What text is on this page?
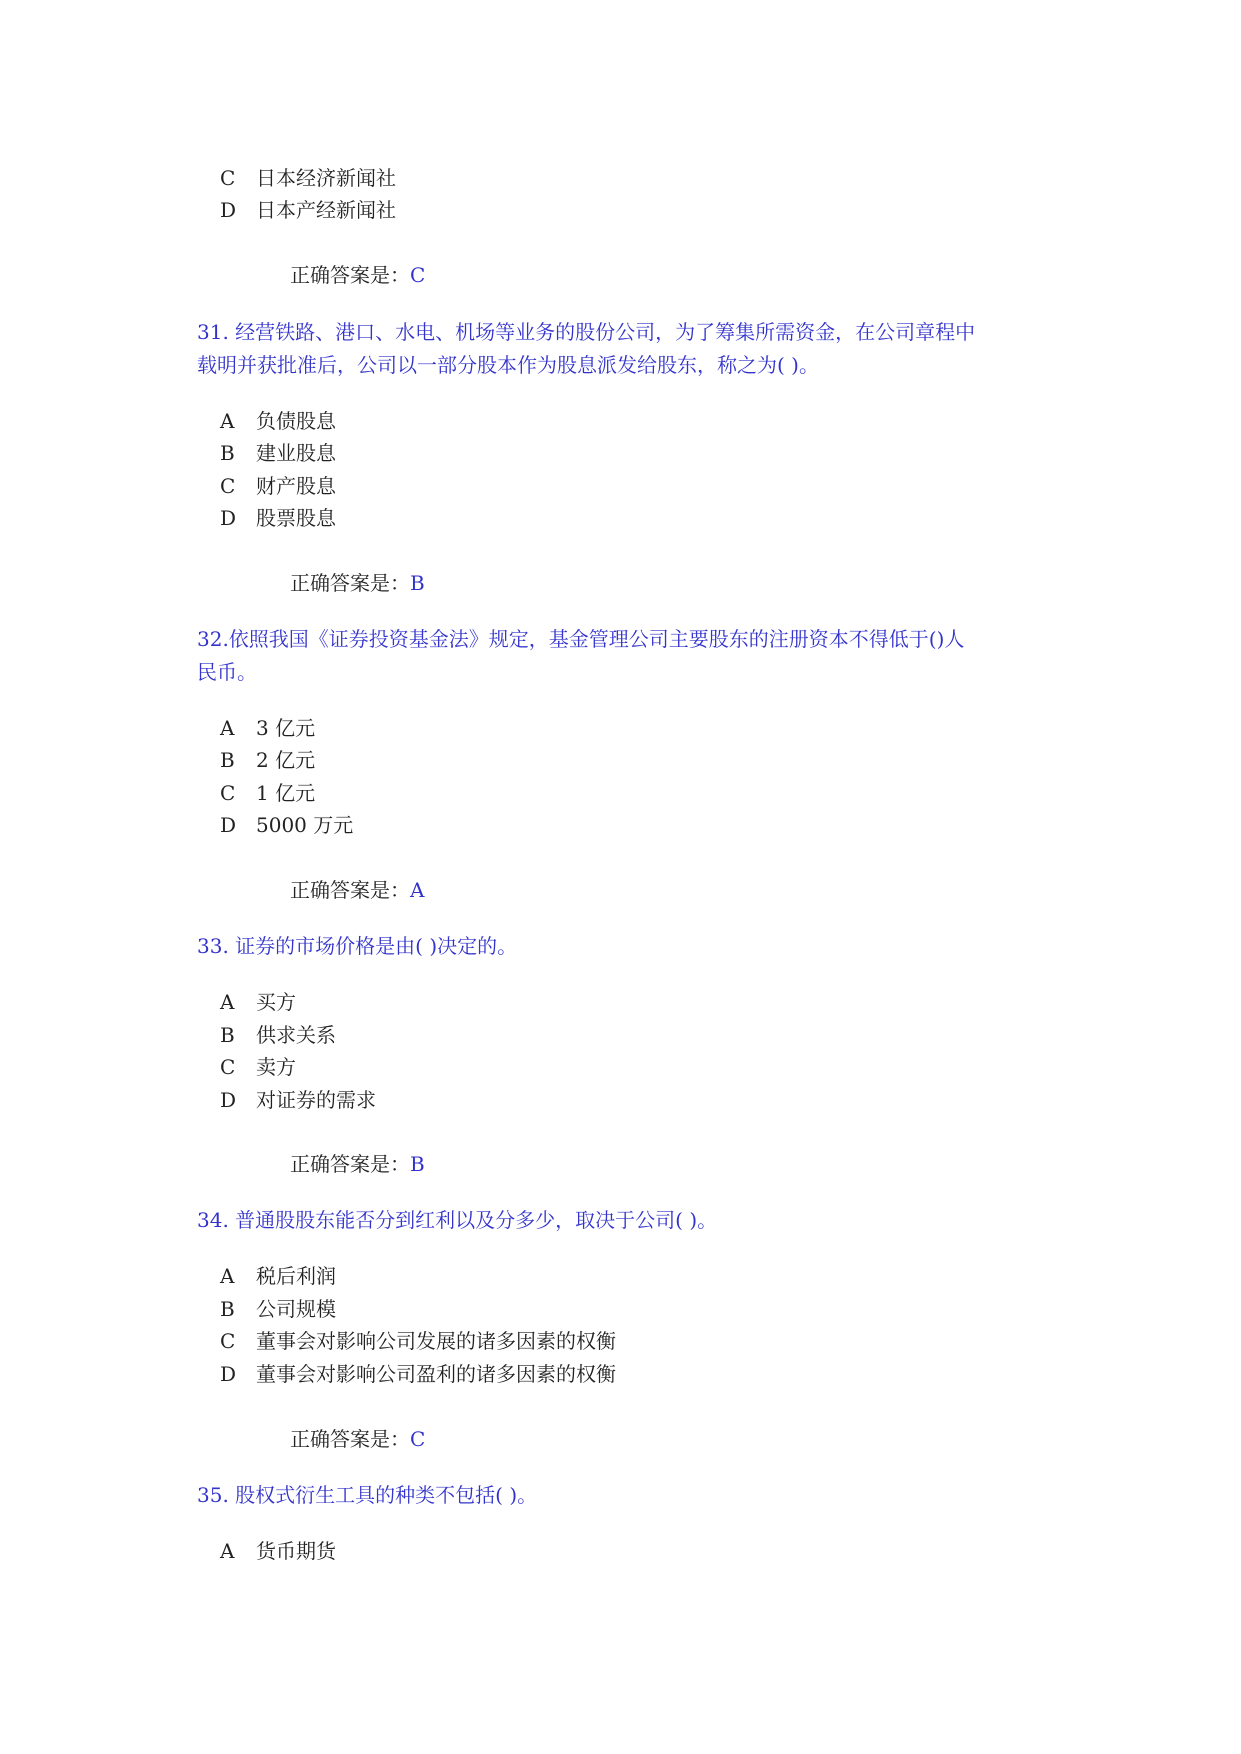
C 日本经济新闻社
D 日本产经新闻社
正确答案是：C
31. 经营铁路、港口、水电、机场等业务的股份公司，为了筹集所需资金，在公司章程中
载明并获批准后，公司以一部分股本作为股息派发给股东，称之为( )。
A 负债股息
B 建业股息
C 财产股息
D 股票股息
正确答案是：B
32.依照我国《证券投资基金法》规定，基金管理公司主要股东的注册资本不得低于()人
民币。
A 3 亿元
B 2 亿元
C 1 亿元
D 5000 万元
正确答案是：A
33. 证券的市场价格是由( )决定的。
A 买方
B 供求关系
C 卖方
D 对证券的需求
正确答案是：B
34. 普通股股东能否分到红利以及分多少，取决于公司( )。
A 税后利润
B 公司规模
C 董事会对影响公司发展的诸多因素的权衡
D 董事会对影响公司盈利的诸多因素的权衡
正确答案是：C
35. 股权式衍生工具的种类不包括( )。
A 货币期货
